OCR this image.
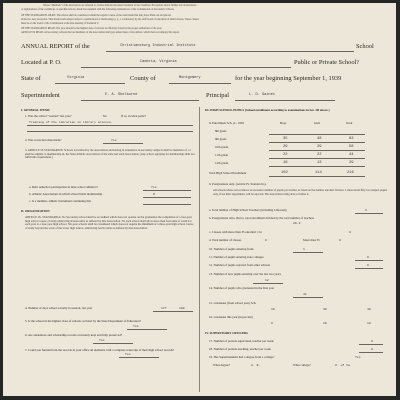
Where "Methods" of the description are referred to, bodies indicate the usual treatment of the classified. Exceptions and/or further text observations
or explanations of the conditions, as specified above, should be supplied with the following explanations of the Commission on Secondary Schools.
OF THE STANDARD B. READ: The school shall be considered within the regular course of the curriculum that they have filled out and placed
in the list. Any exception. This should each subject subject to publication for mentioning (e. g., a conference) by the staff board of education of small classes. These classes
must be on the board of the Commission at the first meeting of Standard V.
OF THE STANDARD D READ: The year should be the highest data of schools as officially found by the proper authorities of the year.
ARTICLE IX READ: All secondary schools that are members of the Association shall pay annual dues of ten dollars, which must accompany this report.
ANNUAL REPORT of the	Christiansburg Industrial Institute	School
Located at P. O.	Cambria, Virginia	Public or Private School?
State of	Virginia	County of	Montgomery	for the year beginning September 1, 1939
Superintendent	E. A. Shelburne	Principal	L. D. Gaines
I. GENERAL ITEMS
1. Was the school "warned" last year?	No	If so, in what point?
Training of the librarian in library science.
2. Was correction then made?	Yes
3. ARTICLE IX STANDARD B: Schools accredited by the Association and having in attendance in secondary subjects shall be members of, or shall be eligible to membership in, the State Athletic Association of the state and such Association. (Any school applying for membership shall not fulfill this requirement.)
a. Debt reduction participation in inter-school athletics?	Yes
b. Athletic Associations in which school holds membership	O
c. Is a member, athletic instrument continuing this
II. ORGANIZATION
ARTICLE IX, STANDARD A: No Secondary school shall be accredited which does not operate on the graduation the completion of a four-year high school course of study embracing sixteen units as defined by this Association. No such school shall allow more than four units of credit for each year to a four-year high school. Six-year schools shall be considered which does not require the minimum of a three-year high school course of study beyond the work of the lower high school, embracing twelve units as defined by this Association.
4. Number of days school actually in session, last year	177	180
5. Is the school in the highest class of schools as listed by the State Department of Education?
Yes
6. Are attendance and scholarship records accurately kept and fully preserved?
Yes
7. Could you furnish from the records in your office all elements with a complete transcript of their high school records?
Yes
III. HIGH SCHOOL PUPILS (School enrollment according to examinations in Sec. III above.)
8. Enrollment Sch. yr., 1939	Boys	Girls	Total
8th grade
9th grade	35	48	83
10th grade	29	29	58
11th grade	22	22	44
12th grade	16	13	29
Total High School Enrollment	102	114	216
9. Postgraduate only. (Article IV, Standard G).
All schools whose record shows an excessive number of pupils per teacher, as based on the number enrolled October 1, must enroll fifty-two subject-pupils only, if not their supplement, will be rejected. The Association being able to further it.
a. Total number of High School Teachers (including Librarian)	6
b. Postgraduate ratio, that is, total enrollment divided by the total number of teachers
29.8
c. Classes with more than 35 enrolled: 1 in	0
d. Total number of classes	0	More than 35	0
10. Number of pupils entering from:	1
11. Number of pupils entering state colleges	0
12. Number of pupils rejected from other schools	0
13. Number of new pupils entering over the last two years
12
14. Number of pupils who graduated in the first year
41
15. Graduates (from school year) Sch.
10	30	40
16. Graduates this year (in percent)
8	10	18
IV. SUPERVISORY OFFICERS
17. Number of periods supervised, teacher per week	0
18. Number of periods teaching, teacher per week	0
19. Has Superintendent had a degree from a college?	Yes
What degree?	A. B.	What college?	U. of Va.
